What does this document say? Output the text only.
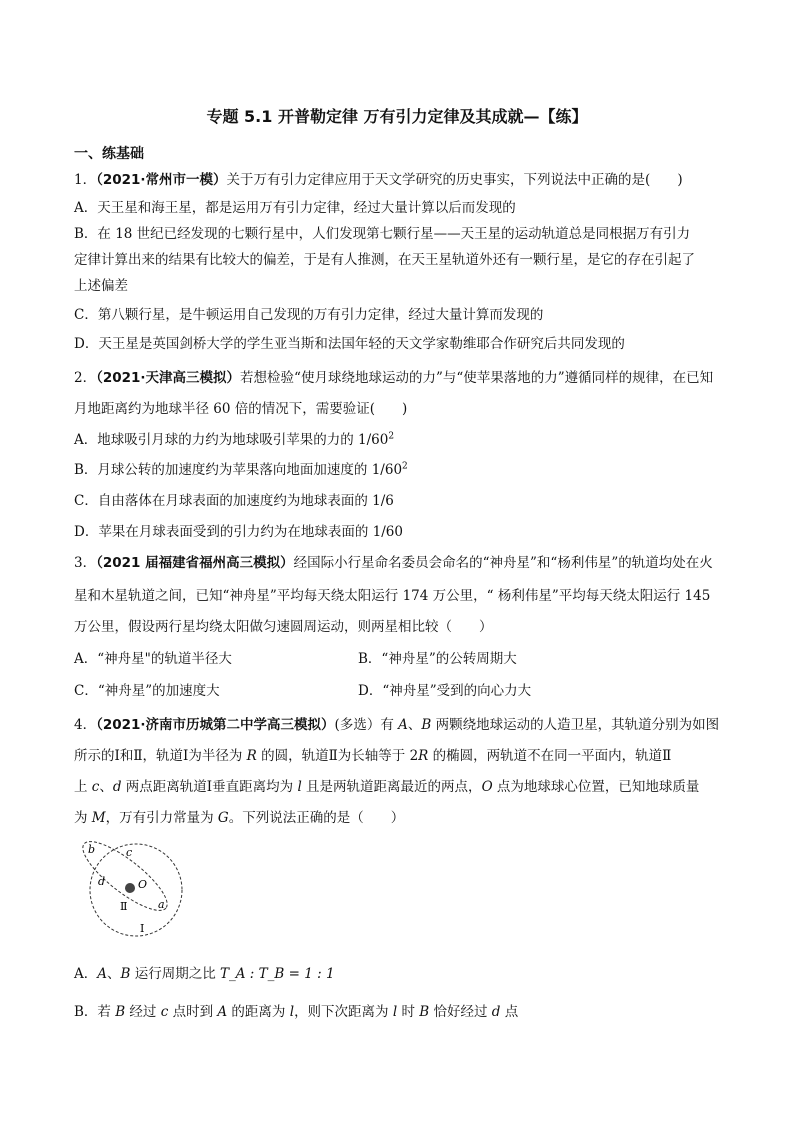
专题 5.1 开普勒定律 万有引力定律及其成就—【练】
一、练基础
1．（2021·常州市一模）关于万有引力定律应用于天文学研究的历史事实，下列说法中正确的是(　　)
A．天王星和海王星，都是运用万有引力定律，经过大量计算以后而发现的
B．在 18 世纪已经发现的七颗行星中，人们发现第七颗行星——天王星的运动轨道总是同根据万有引力
定律计算出来的结果有比较大的偏差，于是有人推测，在天王星轨道外还有一颗行星，是它的存在引起了
上述偏差
C．第八颗行星，是牛顿运用自己发现的万有引力定律，经过大量计算而发现的
D．天王星是英国剑桥大学的学生亚当斯和法国年轻的天文学家勒维耶合作研究后共同发现的
2．（2021·天津高三模拟）若想检验“使月球绕地球运动的力”与“使苹果落地的力”遵循同样的规律，在已知
月地距离约为地球半径 60 倍的情况下，需要验证(　　)
A．地球吸引月球的力约为地球吸引苹果的力的 $1/60^2$
B．月球公转的加速度约为苹果落向地面加速度的 $1/60^2$
C．自由落体在月球表面的加速度约为地球表面的 1/6
D．苹果在月球表面受到的引力约为在地球表面的 1/60
3．（2021 届福建省福州高三模拟）经国际小行星命名委员会命名的“神舟星”和“杨利伟星”的轨道均处在火
星和木星轨道之间，已知“神舟星”平均每天绕太阳运行 174 万公里，“ 杨利伟星”平均每天绕太阳运行 145
万公里，假设两行星均绕太阳做匀速圆周运动，则两星相比较（　　）
A．“神舟星"的轨道半径大	B．“神舟星”的公转周期大
C．“神舟星”的加速度大	D．“神舟星”受到的向心力大
4．（2021·济南市历城第二中学高三模拟）(多选）有 A、B 两颗绕地球运动的人造卫星，其轨道分别为如图
所示的Ⅰ和Ⅱ，轨道Ⅰ为半径为 R 的圆，轨道Ⅱ为长轴等于 2R 的椭圆，两轨道不在同一平面内，轨道Ⅱ
上 c、d 两点距离轨道Ⅰ垂直距离均为 l 且是两轨道距离最近的两点，O 点为地球球心位置，已知地球质量
为 M，万有引力常量为 G。下列说法正确的是（　　）
b	c
d	O
a
Ⅱ
Ⅰ
A．A、B 运行周期之比 T_A : T_B = 1 : 1
B．若 B 经过 c 点时到 A 的距离为 l，则下次距离为 l 时 B 恰好经过 d 点
